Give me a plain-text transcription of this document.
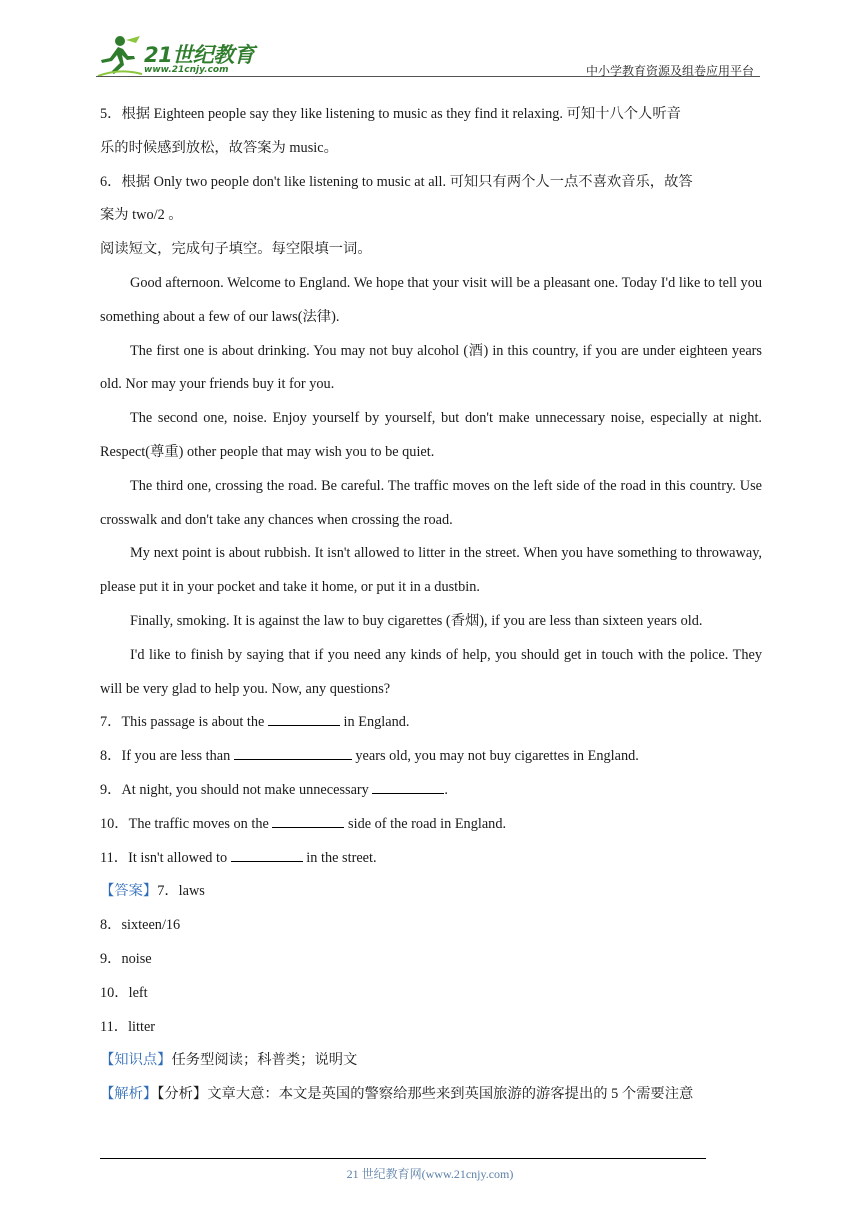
21世纪教育
www.21cnjy.com	中小学教育资源及组卷应用平台

5．根据 Eighteen people say they like listening to music as they find it relaxing. 可知十八个人听音

乐的时候感到放松，故答案为 music。

6．根据 Only two people don't like listening to music at all. 可知只有两个人一点不喜欢音乐，故答

案为 two/2 。

阅读短文，完成句子填空。每空限填一词。

Good afternoon. Welcome to England. We hope that your visit will be a pleasant one. Today I'd like to tell you something about a few of our laws(法律).

The first one is about drinking. You may not buy alcohol (酒) in this country, if you are under eighteen years old. Nor may your friends buy it for you.

The second one, noise. Enjoy yourself by yourself, but don't make unnecessary noise, especially at night. Respect(尊重) other people that may wish you to be quiet.

The third one, crossing the road. Be careful. The traffic moves on the left side of the road in this country. Use crosswalk and don't take any chances when crossing the road.

My next point is about rubbish. It isn't allowed to litter in the street. When you have something to throwaway, please put it in your pocket and take it home, or put it in a dustbin.

Finally, smoking. It is against the law to buy cigarettes (香烟), if you are less than sixteen years old.

I'd like to finish by saying that if you need any kinds of help, you should get in touch with the police. They will be very glad to help you. Now, any questions?

7．This passage is about the	in England.

8．If you are less than	years old, you may not buy cigarettes in England.

9．At night, you should not make unnecessary	.

10．The traffic moves on the	side of the road in England.

11．It isn't allowed to	in the street.

【答案】7．laws

8．sixteen/16

9．noise

10．left

11．litter

【知识点】任务型阅读；科普类；说明文

【解析】【分析】文章大意：本文是英国的警察给那些来到英国旅游的游客提出的 5 个需要注意

21 世纪教育网(www.21cnjy.com)
